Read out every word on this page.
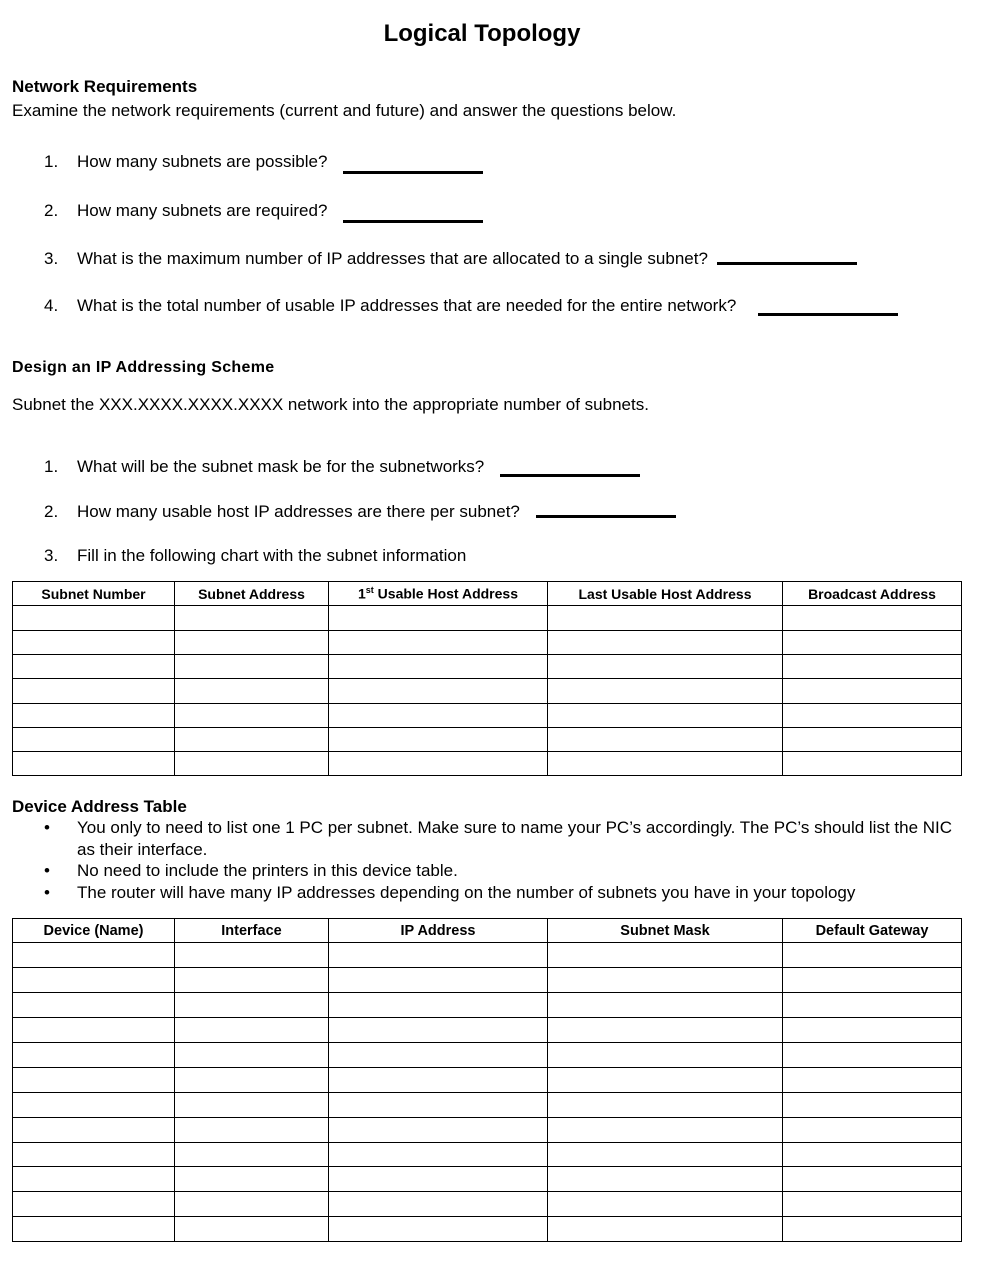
Logical Topology
Network Requirements
Examine the network requirements (current and future) and answer the questions below.
1.	How many subnets are possible?
2.	How many subnets are required?
3.	What is the maximum number of IP addresses that are allocated to a single subnet?
4.	What is the total number of usable IP addresses that are needed for the entire network?
Design an IP Addressing Scheme
Subnet the XXX.XXXX.XXXX.XXXX network into the appropriate number of subnets.
1.	What will be the subnet mask be for the subnetworks?
2.	How many usable host IP addresses are there per subnet?
3.	Fill in the following chart with the subnet information
Subnet Number	Subnet Address	1st Usable Host Address	Last Usable Host Address	Broadcast Address

Device Address Table
•	You only to need to list one 1 PC per subnet. Make sure to name your PC’s accordingly. The PC’s should list the NIC as their interface.
•	No need to include the printers in this device table.
•	The router will have many IP addresses depending on the number of subnets you have in your topology
Device (Name)	Interface	IP Address	Subnet Mask	Default Gateway
